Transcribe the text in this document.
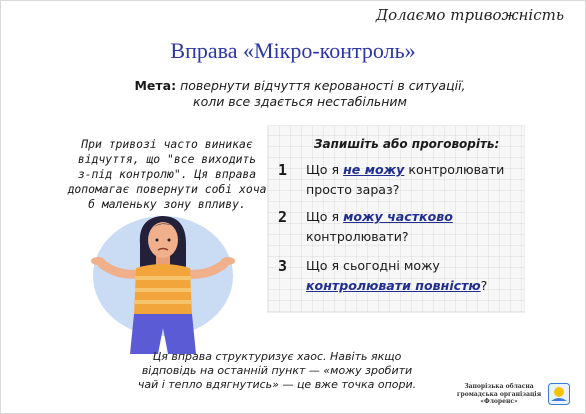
Долаємо тривожність
Вправа «Мікро-контроль»
Мета: повернути відчуття керованості в ситуації,
коли все здається нестабільним
При тривозі часто виникає
відчуття, що "все виходить
з-під контролю". Ця вправа
допомагає повернути собі хоча
б маленьку зону впливу.
Запишіть або проговоріть:
1 Що я не можу контролювати
просто зараз?
2 Що я можу частково
контролювати?
3 Що я сьогодні можу
контролювати повністю?
Ця вправа структуризує хаос. Навіть якщо
відповідь на останній пункт — «можу зробити
чай і тепло вдягнутись» — це вже точка опори.	Запорізька обласна
громадська організація
«Флоренс»
